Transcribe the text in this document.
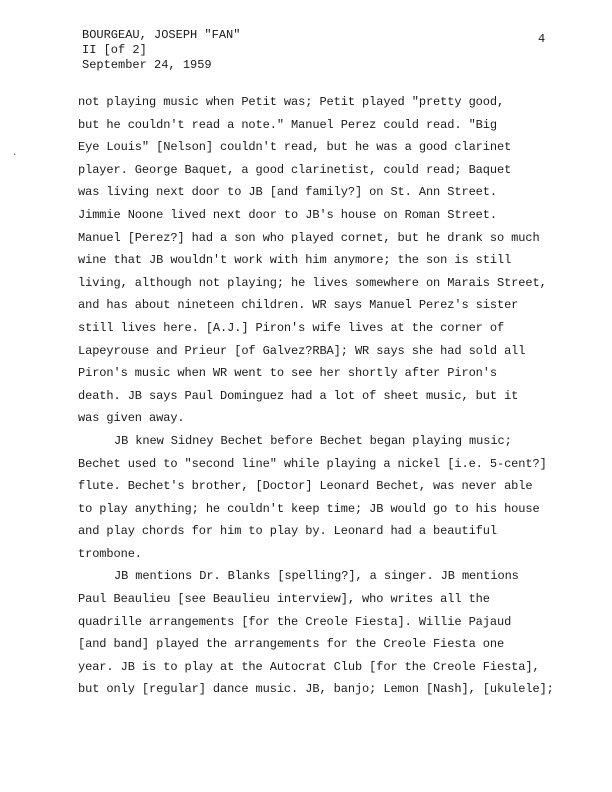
BOURGEAU, JOSEPH "FAN"
II [of 2]
September 24, 1959
4
·
not playing music when Petit was; Petit played "pretty good,
but he couldn't read a note." Manuel Perez could read. "Big
Eye Louis" [Nelson] couldn't read, but he was a good clarinet
player. George Baquet, a good clarinetist, could read; Baquet
was living next door to JB [and family?] on St. Ann Street.
Jimmie Noone lived next door to JB's house on Roman Street.
Manuel [Perez?] had a son who played cornet, but he drank so much
wine that JB wouldn't work with him anymore; the son is still
living, although not playing; he lives somewhere on Marais Street,
and has about nineteen children. WR says Manuel Perez's sister
still lives here. [A.J.] Piron's wife lives at the corner of
Lapeyrouse and Prieur [of Galvez?RBA]; WR says she had sold all
Piron's music when WR went to see her shortly after Piron's
death. JB says Paul Dominguez had a lot of sheet music, but it
was given away.
JB knew Sidney Bechet before Bechet began playing music;
Bechet used to "second line" while playing a nickel [i.e. 5-cent?]
flute. Bechet's brother, [Doctor] Leonard Bechet, was never able
to play anything; he couldn't keep time; JB would go to his house
and play chords for him to play by. Leonard had a beautiful
trombone.
JB mentions Dr. Blanks [spelling?], a singer. JB mentions
Paul Beaulieu [see Beaulieu interview], who writes all the
quadrille arrangements [for the Creole Fiesta]. Willie Pajaud
[and band] played the arrangements for the Creole Fiesta one
year. JB is to play at the Autocrat Club [for the Creole Fiesta],
but only [regular] dance music. JB, banjo; Lemon [Nash], [ukulele];
